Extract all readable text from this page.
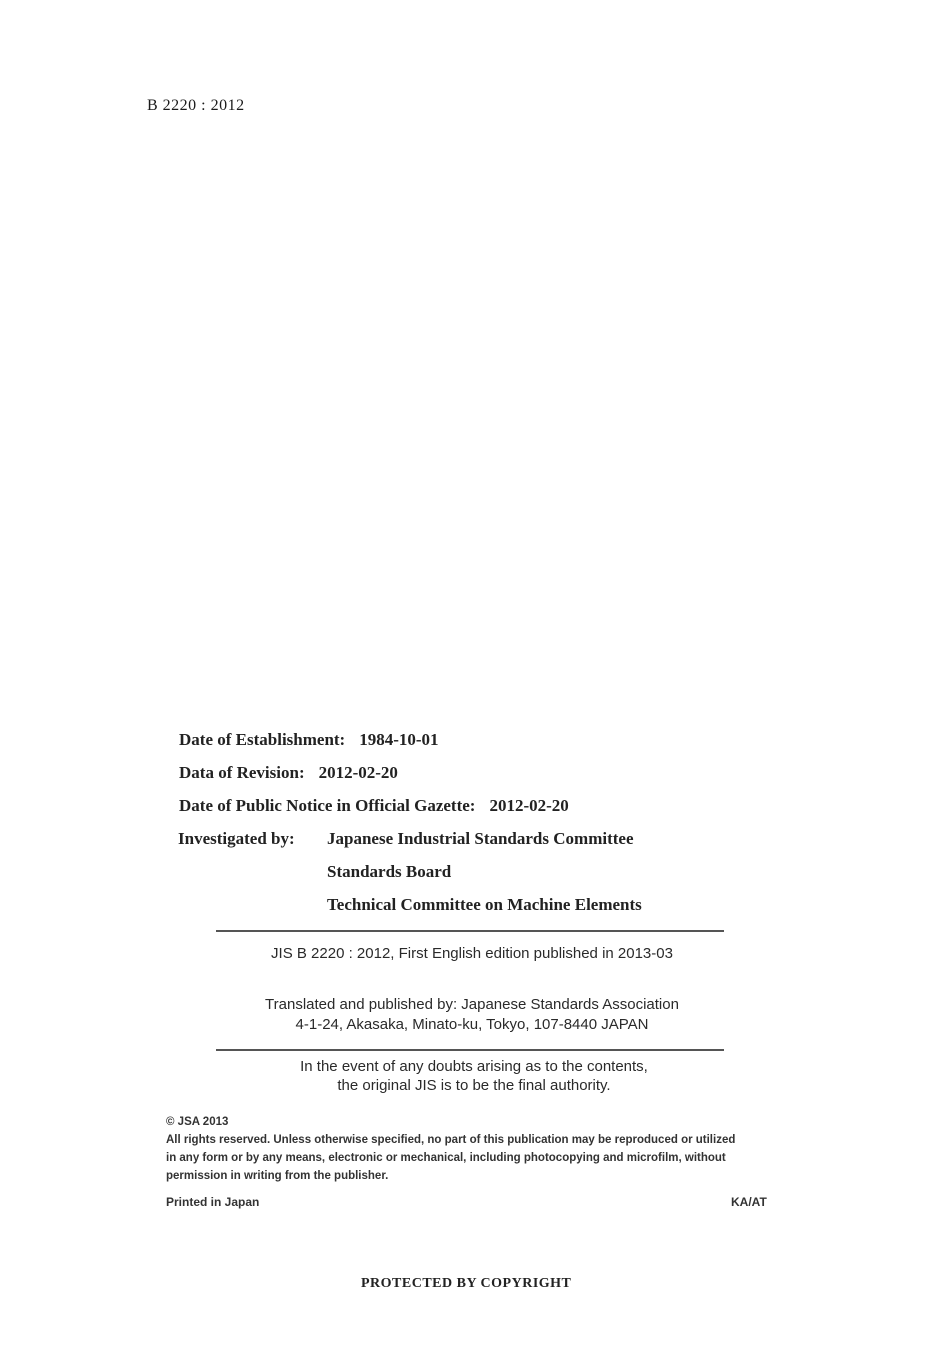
B 2220 : 2012
Date of Establishment: 1984-10-01
Data of Revision: 2012-02-20
Date of Public Notice in Official Gazette: 2012-02-20
Investigated by: Japanese Industrial Standards Committee
Standards Board
Technical Committee on Machine Elements
JIS B 2220 : 2012, First English edition published in 2013-03
Translated and published by: Japanese Standards Association
4-1-24, Akasaka, Minato-ku, Tokyo, 107-8440 JAPAN
In the event of any doubts arising as to the contents,
the original JIS is to be the final authority.
© JSA 2013
All rights reserved. Unless otherwise specified, no part of this publication may be reproduced or utilized
in any form or by any means, electronic or mechanical, including photocopying and microfilm, without
permission in writing from the publisher.
Printed in Japan	KA/AT
PROTECTED BY COPYRIGHT
